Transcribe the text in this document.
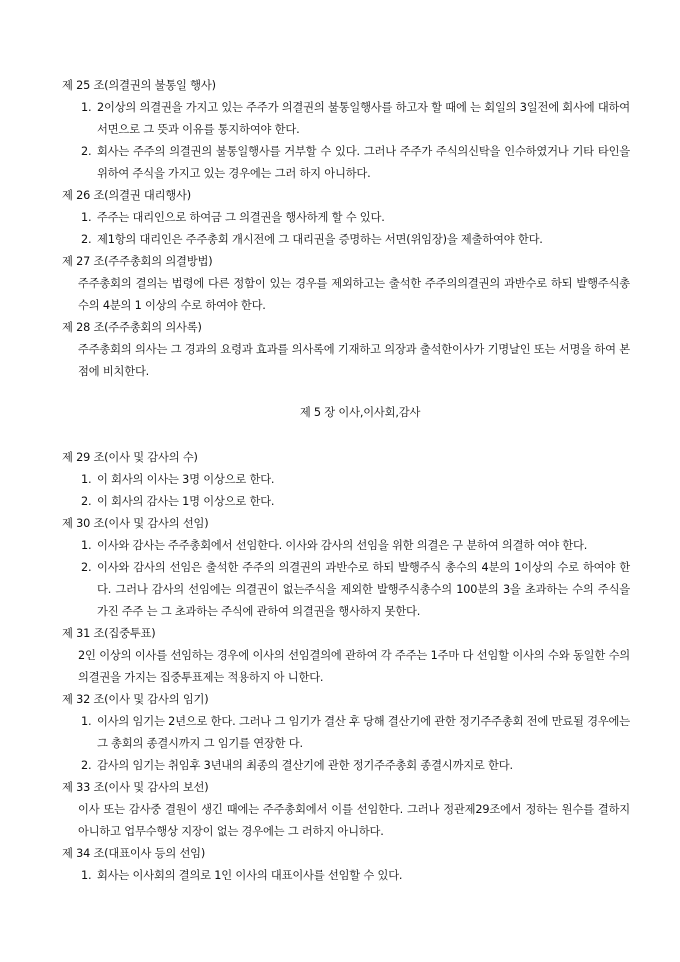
제 25 조(의결권의 불통일 행사)
1. 2이상의 의결권을 가지고 있는 주주가 의결권의 불통일행사를 하고자 할 때에 는 회일의 3일전에 회사에 대하여 서면으로 그 뜻과 이유를 통지하여야 한다.
2. 회사는 주주의 의결권의 불통일행사를 거부할 수 있다. 그러나 주주가 주식의신탁을 인수하였거나 기타 타인을 위하여 주식을 가지고 있는 경우에는 그러 하지 아니하다.
제 26 조(의결권 대리행사)
1. 주주는 대리인으로 하여금 그 의결권을 행사하게 할 수 있다.
2. 제1항의 대리인은 주주총회 개시전에 그 대리권을 증명하는 서면(위임장)을 제출하여야 한다.
제 27 조(주주총회의 의결방법)
주주총회의 결의는 법령에 다른 정함이 있는 경우를 제외하고는 출석한 주주의의결권의 과반수로 하되 발행주식총수의 4분의 1 이상의 수로 하여야 한다.
제 28 조(주주총회의 의사록)
주주총회의 의사는 그 경과의 요령과 효과를 의사록에 기재하고 의장과 출석한이사가 기명날인 또는 서명을 하여 본점에 비치한다.
제 5 장 이사,이사회,감사
제 29 조(이사 및 감사의 수)
1. 이 회사의 이사는 3명 이상으로 한다.
2. 이 회사의 감사는 1명 이상으로 한다.
제 30 조(이사 및 감사의 선임)
1. 이사와 감사는 주주총회에서 선임한다. 이사와 감사의 선임을 위한 의결은 구 분하여 의결하 여야 한다.
2. 이사와 감사의 선임은 출석한 주주의 의결권의 과반수로 하되 발행주식 총수의 4분의 1이상의 수로 하여야 한다. 그러나 감사의 선임에는 의결권이 없는주식을 제외한 발행주식총수의 100분의 3을 초과하는 수의 주식을 가진 주주 는 그 초과하는 주식에 관하여 의결권을 행사하지 못한다.
제 31 조(집중투표)
2인 이상의 이사를 선임하는 경우에 이사의 선임결의에 관하여 각 주주는 1주마 다 선임할 이사의 수와 동일한 수의 의결권을 가지는 집중투표제는 적용하지 아 니한다.
제 32 조(이사 및 감사의 임기)
1. 이사의 임기는 2년으로 한다. 그러나 그 임기가 결산 후 당해 결산기에 관한 정기주주총회 전에 만료될 경우에는 그 총회의 종결시까지 그 임기를 연장한 다.
2. 감사의 임기는 취임후 3년내의 최종의 결산기에 관한 정기주주총회 종결시까지로 한다.
제 33 조(이사 및 감사의 보선)
이사 또는 감사중 결원이 생긴 때에는 주주총회에서 이를 선임한다. 그러나 정관제29조에서 정하는 원수를 결하지 아니하고 업무수행상 지장이 없는 경우에는 그 러하지 아니하다.
제 34 조(대표이사 등의 선임)
1. 회사는 이사회의 결의로 1인 이사의 대표이사를 선임할 수 있다.
